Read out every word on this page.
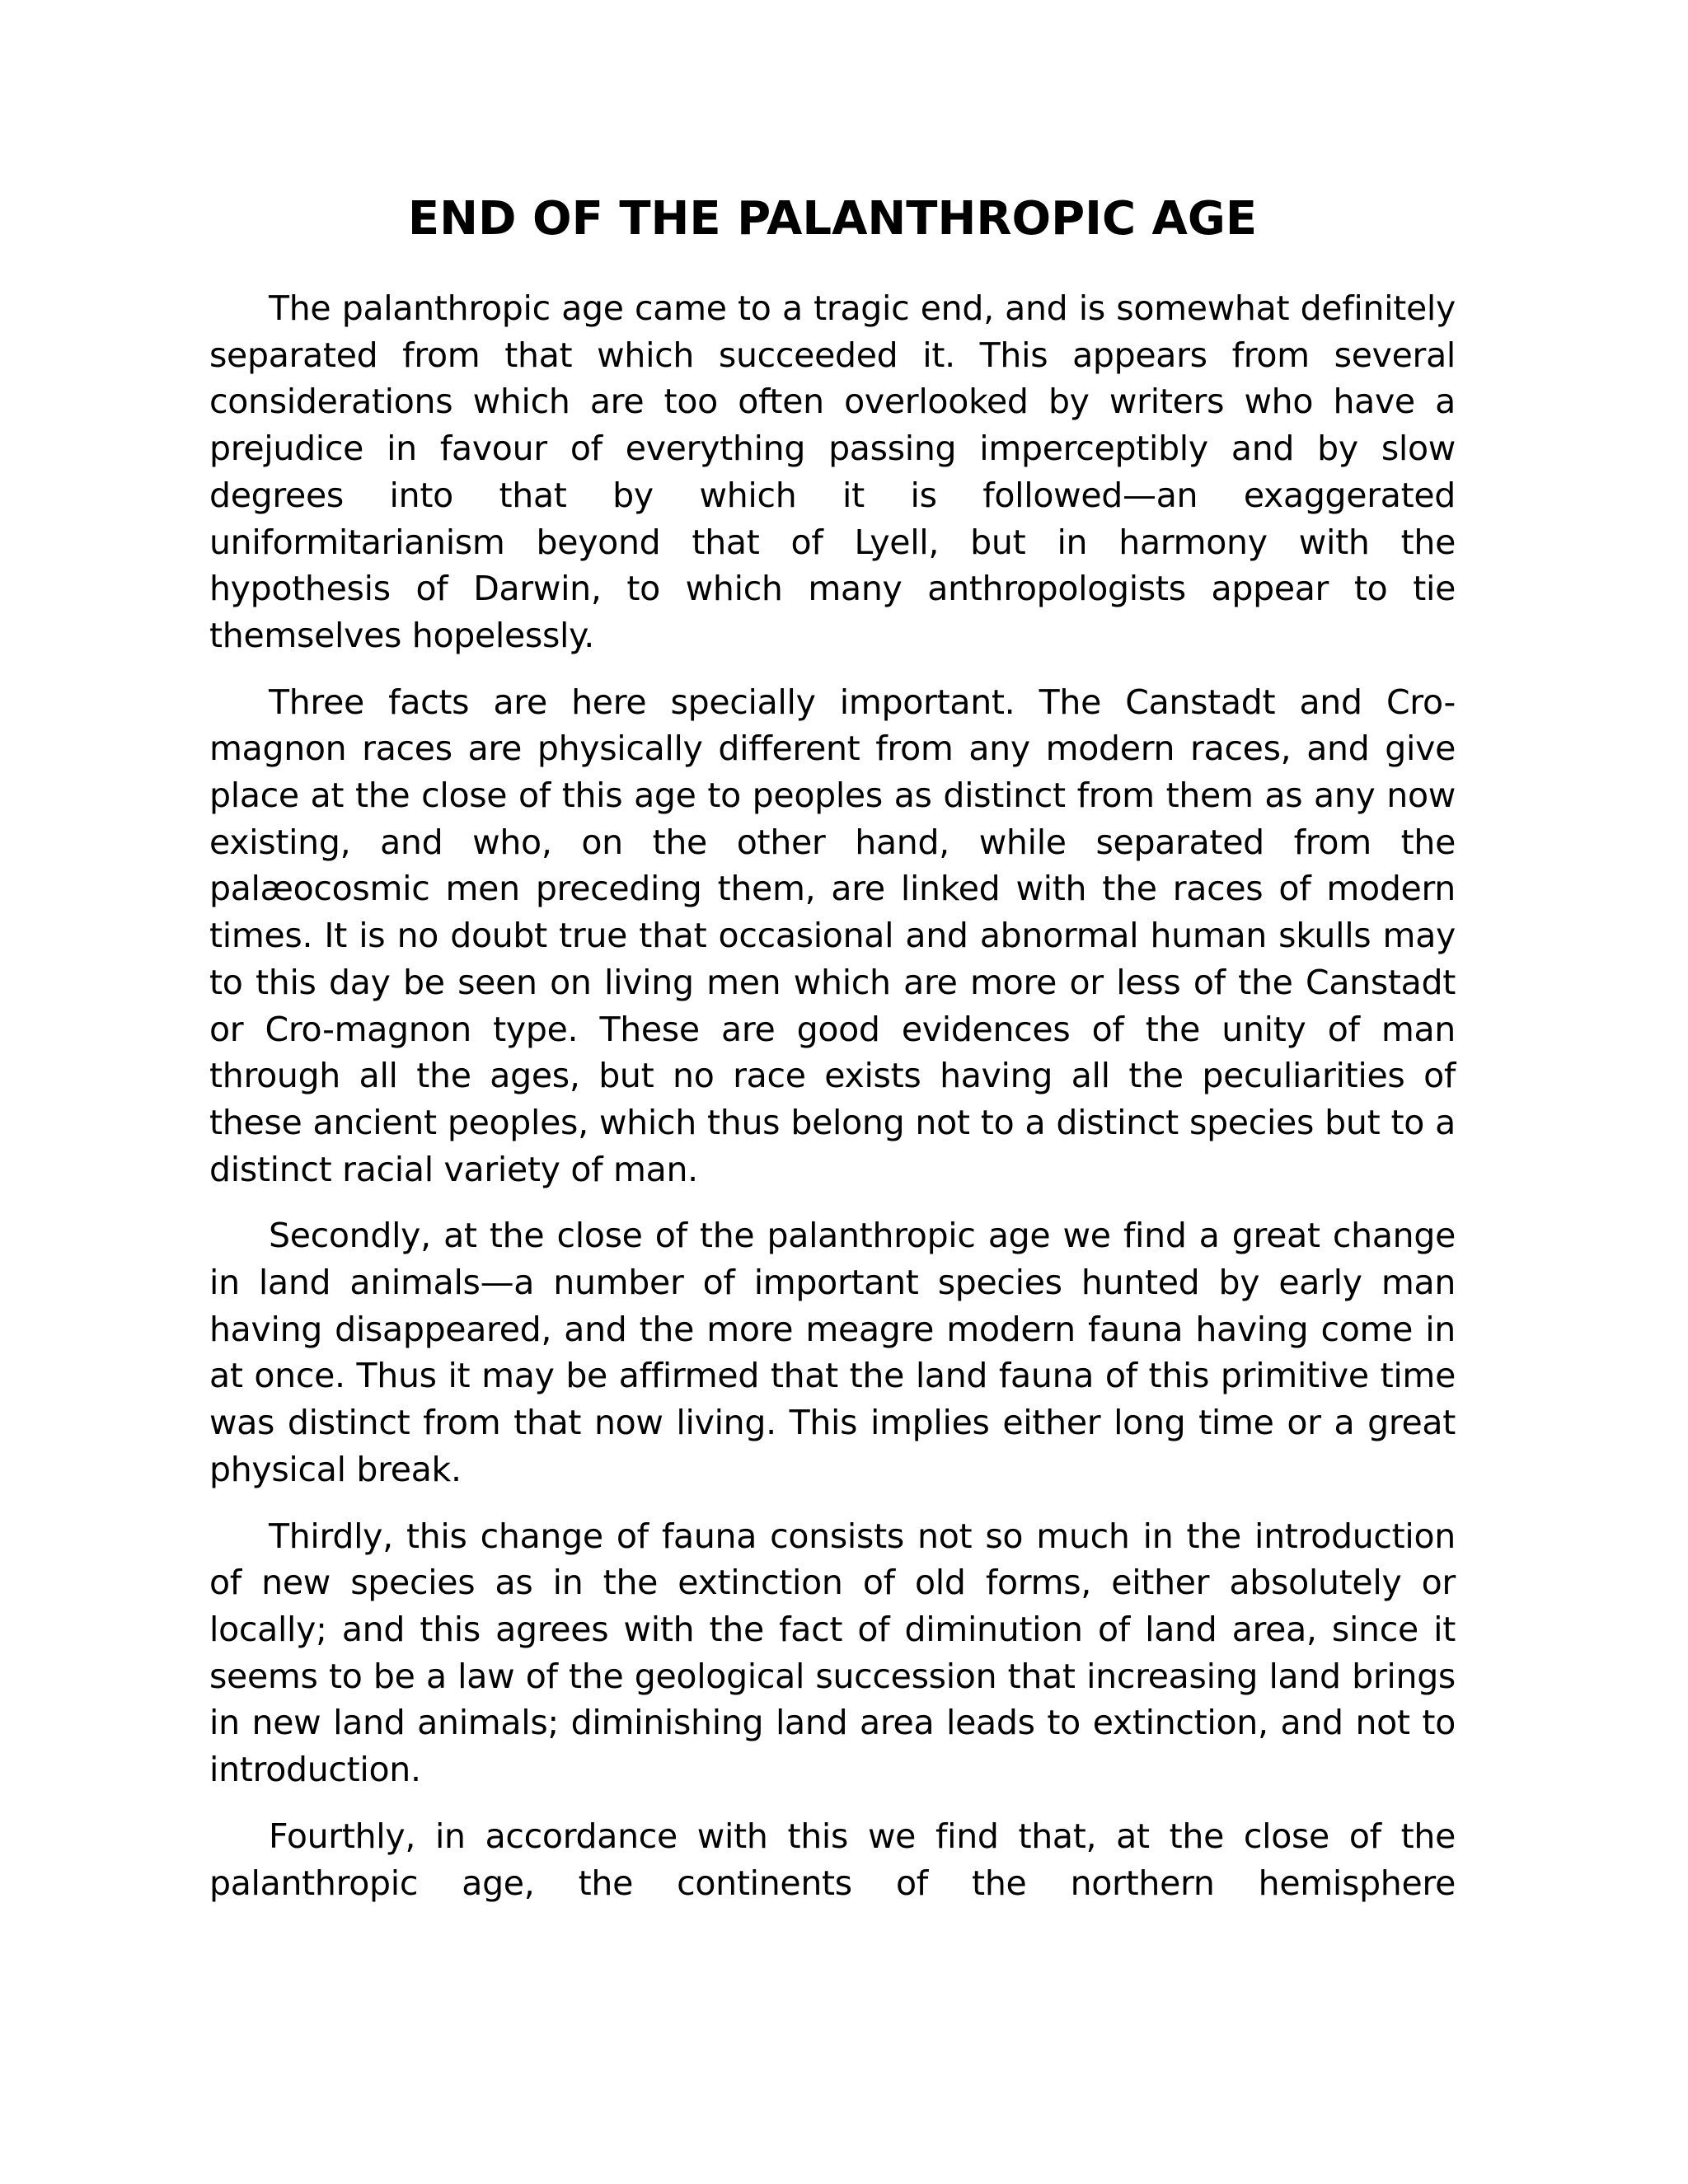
END OF THE PALANTHROPIC AGE

The palanthropic age came to a tragic end, and is somewhat definitely separated from that which succeeded it. This appears from several considerations which are too often overlooked by writers who have a prejudice in favour of everything passing imperceptibly and by slow degrees into that by which it is followed—an exaggerated uniformitarianism beyond that of Lyell, but in harmony with the hypothesis of Darwin, to which many anthropologists appear to tie themselves hopelessly.

Three facts are here specially important. The Canstadt and Cro-magnon races are physically different from any modern races, and give place at the close of this age to peoples as distinct from them as any now existing, and who, on the other hand, while separated from the palæocosmic men preceding them, are linked with the races of modern times. It is no doubt true that occasional and abnormal human skulls may to this day be seen on living men which are more or less of the Canstadt or Cro-magnon type. These are good evidences of the unity of man through all the ages, but no race exists having all the peculiarities of these ancient peoples, which thus belong not to a distinct species but to a distinct racial variety of man.

Secondly, at the close of the palanthropic age we find a great change in land animals—a number of important species hunted by early man having disappeared, and the more meagre modern fauna having come in at once. Thus it may be affirmed that the land fauna of this primitive time was distinct from that now living. This implies either long time or a great physical break.

Thirdly, this change of fauna consists not so much in the introduction of new species as in the extinction of old forms, either absolutely or locally; and this agrees with the fact of diminution of land area, since it seems to be a law of the geological succession that increasing land brings in new land animals; diminishing land area leads to extinction, and not to introduction.

Fourthly, in accordance with this we find that, at the close of the palanthropic age, the continents of the northern hemisphere
